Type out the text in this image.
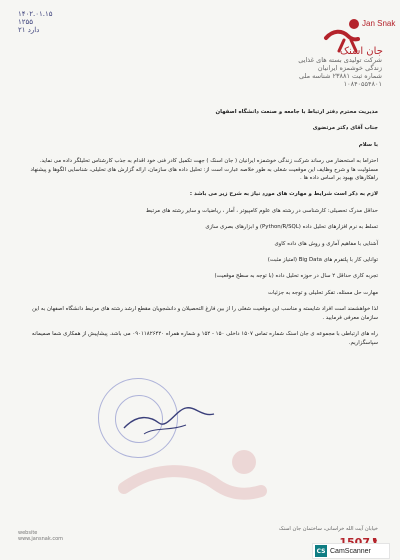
۱۴۰۲.۰۱.۱۵
۱۲۵۵
۲۱ دارد
Jan Snak
جان اسنک
شرکت تولیدی بسته های غذایی
زندگی خوشمزه ایرانیان
شماره ثبت ۲۳۸۸۱ شناسه ملی ۱۰۸۴۰۵۵۴۸۰۱

مدیریت محترم دفتر ارتباط با جامعه و صنعت دانشگاه اصفهان

جناب آقای دکتر مرتضوی

با سلام

احتراما به استحضار می رساند شرکت زندگی خوشمزه ایرانیان ( جان اسنک ) جهت تکمیل کادر فنی خود اقدام به جذب کارشناس تحلیلگر داده می نماید. مسئولیت ها و شرح وظایف این موقعیت شغلی به طور خلاصه عبارت است از: تحلیل داده های سازمان، ارائه گزارش های تحلیلی، شناسایی الگوها و پیشنهاد راهکارهای بهبود بر اساس داده ها .

لازم به ذکر است شرایط و مهارت های مورد نیاز به شرح زیر می باشد :

حداقل مدرک تحصیلی: کارشناسی در رشته های علوم کامپیوتر ، آمار ، ریاضیات و سایر رشته های مرتبط

تسلط به نرم افزارهای تحلیل داده (Python/R/SQL) و ابزارهای بصری سازی

آشنایی با مفاهیم آماری و روش های داده کاوی

توانایی کار با پلتفرم های Big Data (امتیاز مثبت)

تجربه کاری حداقل ۲ سال در حوزه تحلیل داده (با توجه به سطح موقعیت)

مهارت حل مسئله، تفکر تحلیلی و توجه به جزئیات

لذا خواهشمند است افراد شایسته و مناسب این موقعیت شغلی را از بین فارغ التحصیلان و دانشجویان مقطع ارشد رشته های مرتبط دانشگاه اصفهان به این سازمان معرفی فرمایید .

راه های ارتباطی با مجموعه ی جان اسنک شماره تماس ۱۵۰۷ داخلی ۱۵۰ - ۱۵۲ و شماره همراه ۰۹۰۱۱۸۲۶۴۲۰ می باشد. پیشاپیش از همکاری شما صمیمانه سپاسگزاریم.

website
www.jansnak.com
خیابان آیت الله خراسانی، ساختمان جان اسنک
CS CamScanner
